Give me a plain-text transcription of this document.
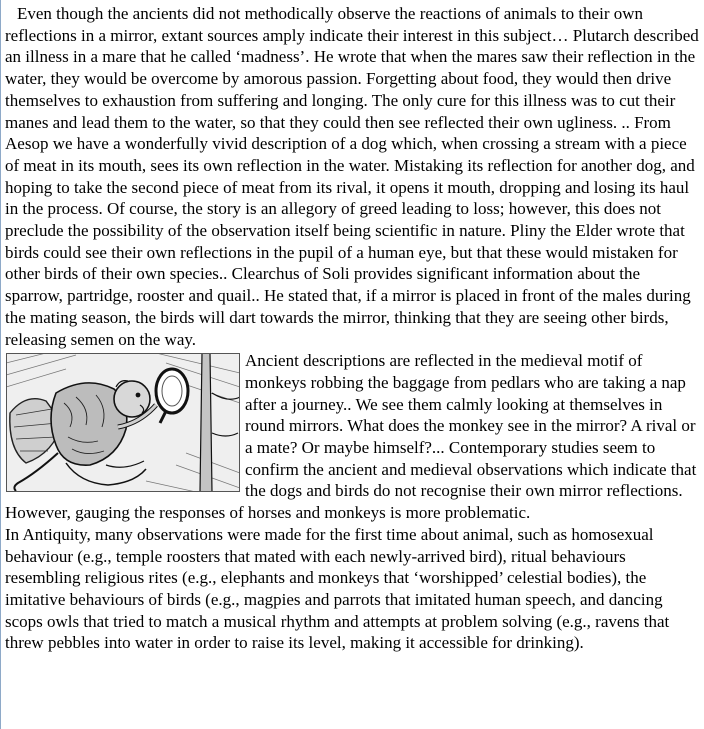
Even though the ancients did not methodically observe the reactions of animals to their own reflections in a mirror, extant sources amply indicate their interest in this subject… Plutarch described an illness in a mare that he called ‘madness’. He wrote that when the mares saw their reflection in the water, they would be overcome by amorous passion. Forgetting about food, they would then drive themselves to exhaustion from suffering and longing. The only cure for this illness was to cut their manes and lead them to the water, so that they could then see reflected their own ugliness. .. From Aesop we have a wonderfully vivid description of a dog which, when crossing a stream with a piece of meat in its mouth, sees its own reflection in the water. Mistaking its reflection for another dog, and hoping to take the second piece of meat from its rival, it opens it mouth, dropping and losing its haul in the process. Of course, the story is an allegory of greed leading to loss; however, this does not preclude the possibility of the observation itself being scientific in nature. Pliny the Elder wrote that birds could see their own reflections in the pupil of a human eye, but that these would mistaken for other birds of their own species.. Clearchus of Soli provides significant information about the sparrow, partridge, rooster and quail.. He stated that, if a mirror is placed in front of the males during the mating season, the birds will dart towards the mirror, thinking that they are seeing other birds, releasing semen on the way.

Ancient descriptions are reflected in the medieval motif of monkeys robbing the baggage from pedlars who are taking a nap after a journey.. We see them calmly looking at themselves in round mirrors. What does the monkey see in the mirror? A rival or a mate? Or maybe himself?... Contemporary studies seem to confirm the ancient and medieval observations which indicate that the dogs and birds do not recognise their own mirror reflections. However, gauging the responses of horses and monkeys is more problematic.

In Antiquity, many observations were made for the first time about animal, such as homosexual behaviour (e.g., temple roosters that mated with each newly-arrived bird), ritual behaviours resembling religious rites (e.g., elephants and monkeys that ‘worshipped’ celestial bodies), the imitative behaviours of birds (e.g., magpies and parrots that imitated human speech, and dancing scops owls that tried to match a musical rhythm and attempts at problem solving (e.g., ravens that threw pebbles into water in order to raise its level, making it accessible for drinking).
